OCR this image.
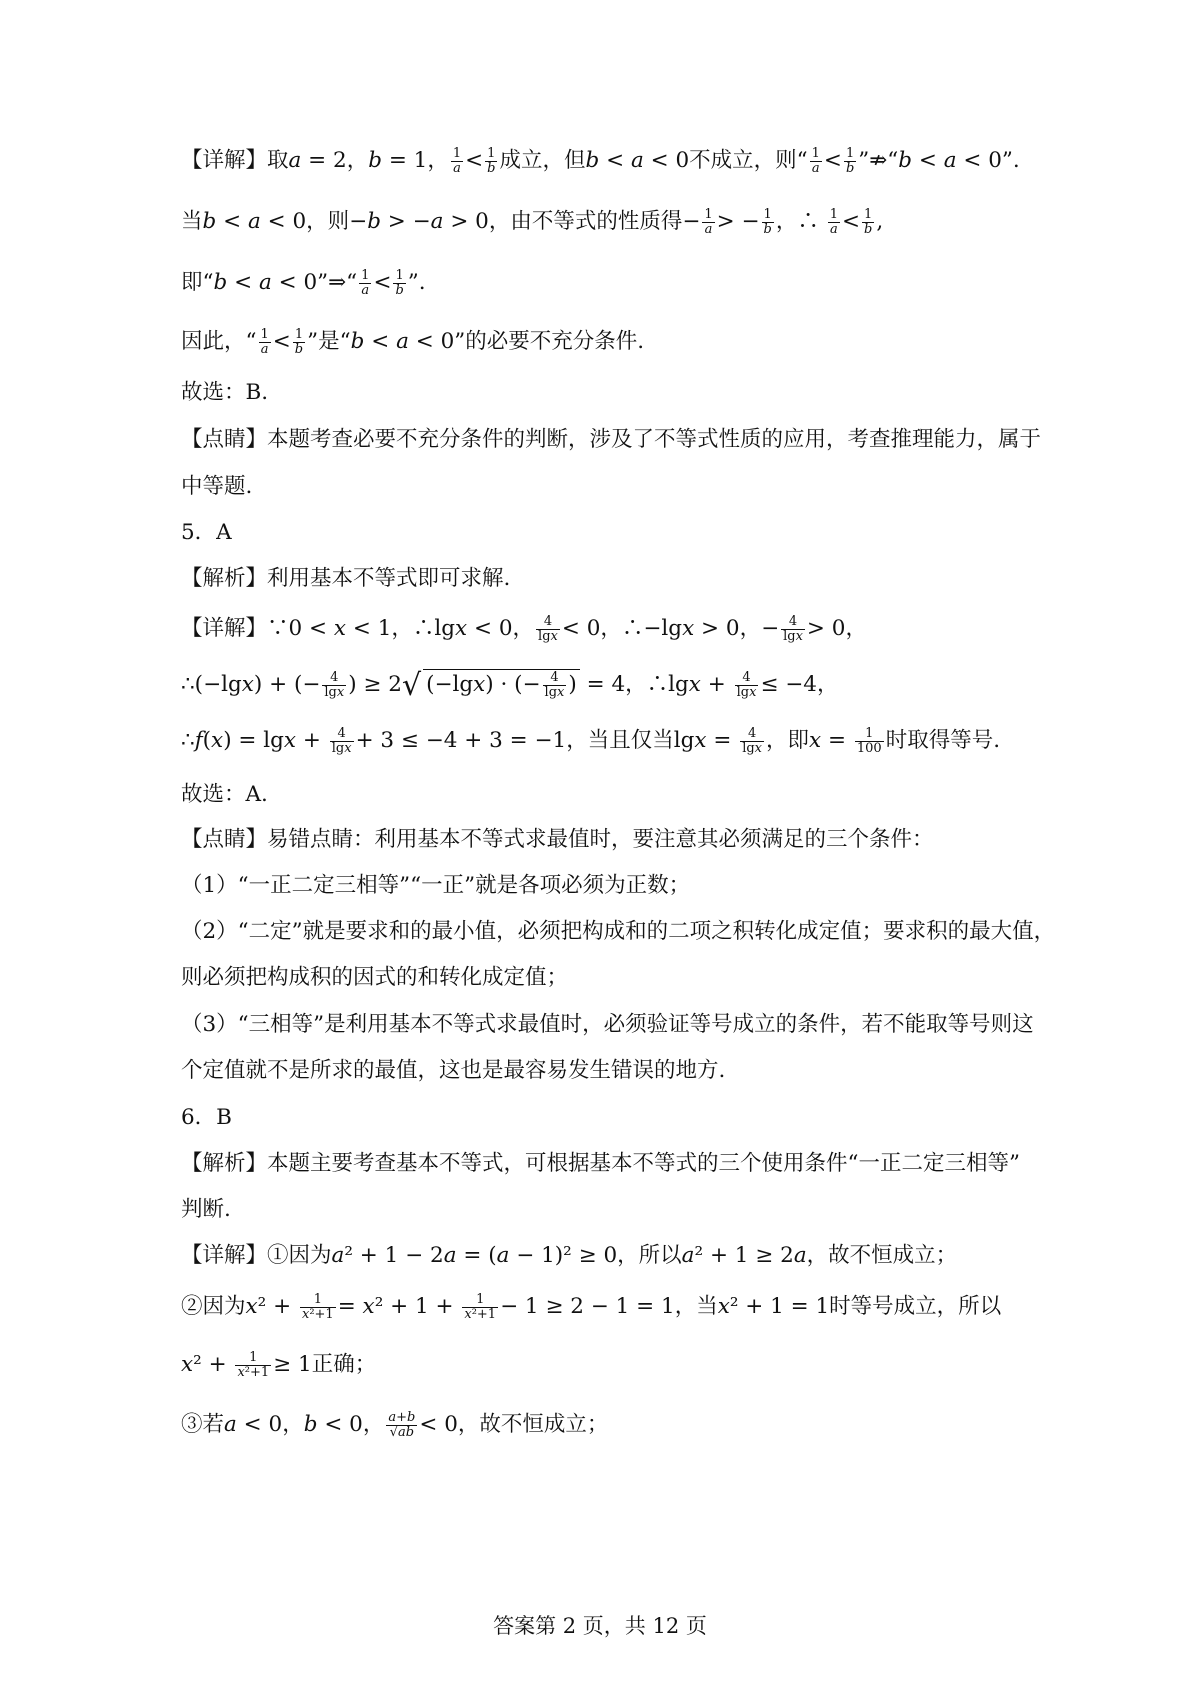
【详解】取a = 2，b = 1， $\frac{1}{a} < \frac{1}{b}$ 成立，但b < a < 0不成立，则“ $\frac{1}{a} < \frac{1}{b}$ ”⇏“b < a < 0”.
当b < a < 0，则−b > −a > 0，由不等式的性质得− $\frac{1}{a}$ > − $\frac{1}{b}$ ，∴ $\frac{1}{a} < \frac{1}{b}$ ,
即“b < a < 0”⇒“ $\frac{1}{a} < \frac{1}{b}$ ”.
因此，“ $\frac{1}{a} < \frac{1}{b}$ ”是“b < a < 0”的必要不充分条件.
故选：B.
【点睛】本题考查必要不充分条件的判断，涉及了不等式性质的应用，考查推理能力，属于
中等题.
5．A
【解析】利用基本不等式即可求解.
【详解】∵0 < x < 1，∴lgx < 0， $\frac{4}{\lg x} < 0$，∴−lgx > 0，− $\frac{4}{\lg x} > 0$，
∴(−lgx) + (− $\frac{4}{\lg x}$ ) ≥ 2√ (−lgx) · (− $\frac{4}{\lg x}$ ) = 4，∴lgx + $\frac{4}{\lg x} \le -4$，
∴f(x) = $\lg x + \frac{4}{\lg x} + 3 \le -4 + 3 = -1$，当且仅当$\lg x = \frac{4}{\lg x}$ ，即$x = \frac{1}{100}$ 时取得等号.
故选：A.
【点睛】易错点睛：利用基本不等式求最值时，要注意其必须满足的三个条件：
（1）“一正二定三相等”“一正”就是各项必须为正数；
（2）“二定”就是要求和的最小值，必须把构成和的二项之积转化成定值；要求积的最大值，
则必须把构成积的因式的和转化成定值；
（3）“三相等”是利用基本不等式求最值时，必须验证等号成立的条件，若不能取等号则这
个定值就不是所求的最值，这也是最容易发生错误的地方.
6．B
【解析】本题主要考查基本不等式，可根据基本不等式的三个使用条件“一正二定三相等”
判断.
【详解】①因为a² + 1 − 2a = (a − 1)² ≥ 0，所以a² + 1 ≥ 2a，故不恒成立；
②因为$x^2 + \frac{1}{\text{x²+1}} = x^2 + 1 + \frac{1}{\text{x²+1}} - 1 \ge 2 - 1 = 1$，当x² + 1 = 1时等号成立，所以
$x^2 + \frac{1}{\text{x²+1}} \ge 1$正确；
③若a < 0，b < 0， $\frac{a+b}{√ab} < 0$，故不恒成立；
答案第 2 页，共 12 页
